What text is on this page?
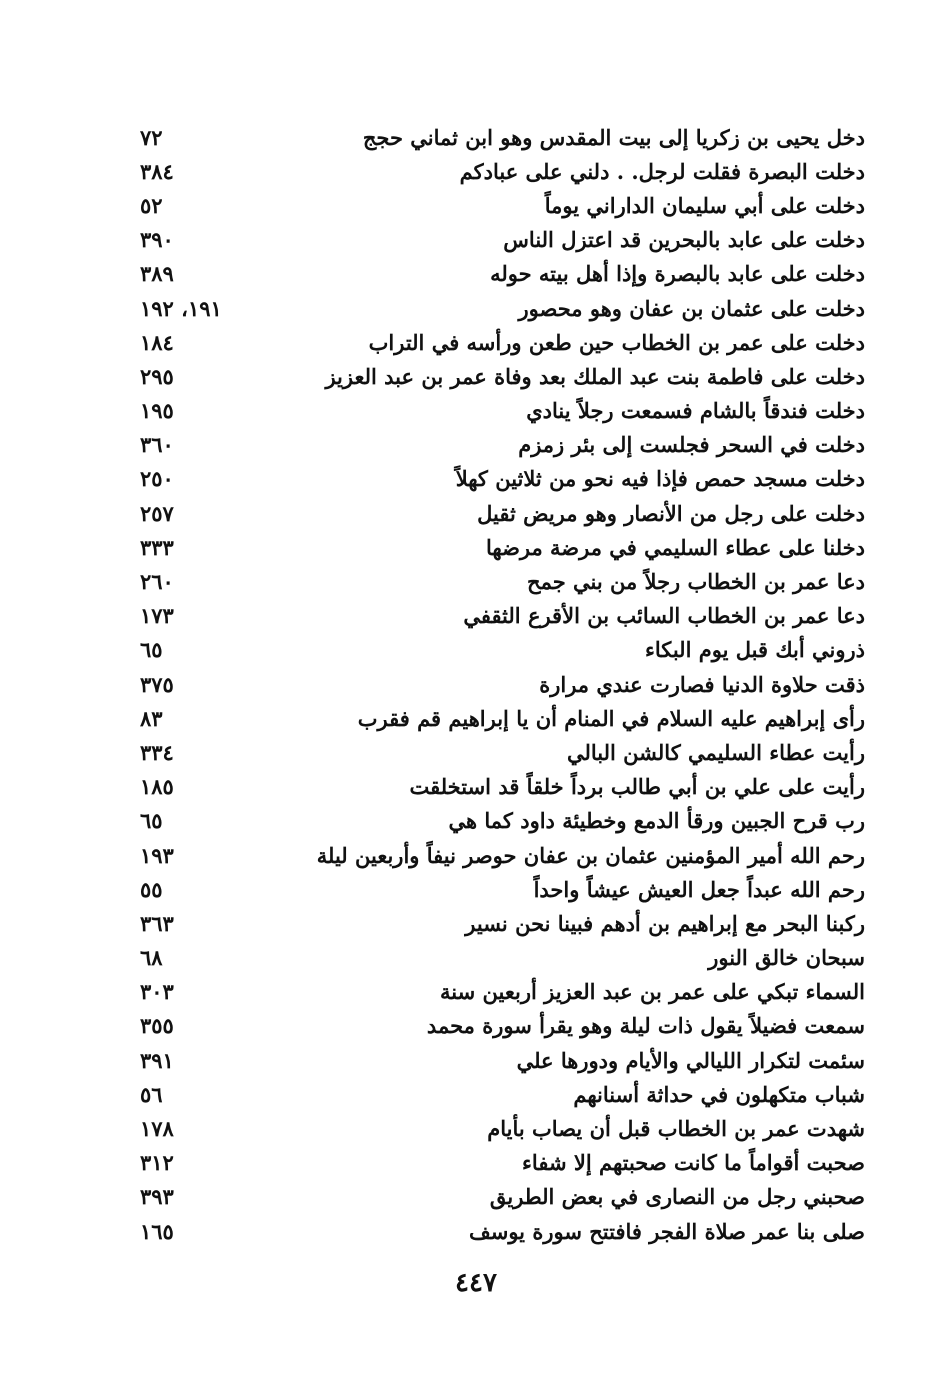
دخل يحيى بن زكريا إلى بيت المقدس وهو ابن ثماني حجج
٧٢
دخلت البصرة فقلت لرجل. . دلني على عبادكم
٣٨٤
دخلت على أبي سليمان الداراني يوماً
٥٢
دخلت على عابد بالبحرين قد اعتزل الناس
٣٩٠
دخلت على عابد بالبصرة وإذا أهل بيته حوله
٣٨٩
دخلت على عثمان بن عفان وهو محصور
١٩١، ١٩٢
دخلت على عمر بن الخطاب حين طعن ورأسه في التراب
١٨٤
دخلت على فاطمة بنت عبد الملك بعد وفاة عمر بن عبد العزيز
٢٩٥
دخلت فندقاً بالشام فسمعت رجلاً ينادي
١٩٥
دخلت في السحر فجلست إلى بئر زمزم
٣٦٠
دخلت مسجد حمص فإذا فيه نحو من ثلاثين كهلاً
٢٥٠
دخلت على رجل من الأنصار وهو مريض ثقيل
٢٥٧
دخلنا على عطاء السليمي في مرضة مرضها
٣٣٣
دعا عمر بن الخطاب رجلاً من بني جمح
٢٦٠
دعا عمر بن الخطاب السائب بن الأقرع الثقفي
١٧٣
ذروني أبك قبل يوم البكاء
٦٥
ذقت حلاوة الدنيا فصارت عندي مرارة
٣٧٥
رأى إبراهيم عليه السلام في المنام أن يا إبراهيم قم فقرب
٨٣
رأيت عطاء السليمي كالشن البالي
٣٣٤
رأيت على علي بن أبي طالب برداً خلقاً قد استخلقت
١٨٥
رب قرح الجبين ورقأ الدمع وخطيئة داود كما هي
٦٥
رحم الله أمير المؤمنين عثمان بن عفان حوصر نيفاً وأربعين ليلة
١٩٣
رحم الله عبداً جعل العيش عيشاً واحداً
٥٥
ركبنا البحر مع إبراهيم بن أدهم فبينا نحن نسير
٣٦٣
سبحان خالق النور
٦٨
السماء تبكي على عمر بن عبد العزيز أربعين سنة
٣٠٣
سمعت فضيلاً يقول ذات ليلة وهو يقرأ سورة محمد
٣٥٥
سئمت لتكرار الليالي والأيام ودورها علي
٣٩١
شباب متكهلون في حداثة أسنانهم
٥٦
شهدت عمر بن الخطاب قبل أن يصاب بأيام
١٧٨
صحبت أقواماً ما كانت صحبتهم إلا شفاء
٣١٢
صحبني رجل من النصارى في بعض الطريق
٣٩٣
صلى بنا عمر صلاة الفجر فافتتح سورة يوسف
١٦٥
٤٤٧
